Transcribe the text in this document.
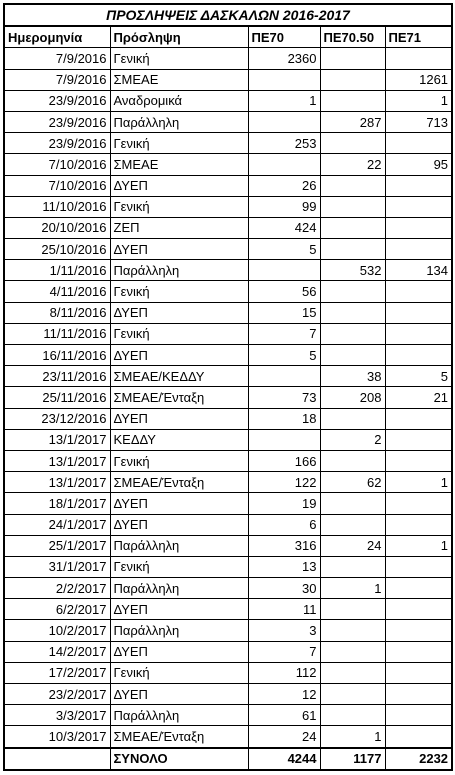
ΠΡΟΣΛΗΨΕΙΣ ΔΑΣΚΑΛΩΝ 2016-2017				
Ημερομηνία	Πρόσληψη	ΠΕ70	ΠΕ70.50	ΠΕ71
7/9/2016	Γενική	2360		
7/9/2016	ΣΜΕΑΕ			1261
23/9/2016	Αναδρομικά	1		1
23/9/2016	Παράλληλη		287	713
23/9/2016	Γενική	253		
7/10/2016	ΣΜΕΑΕ		22	95
7/10/2016	ΔΥΕΠ	26		
11/10/2016	Γενική	99		
20/10/2016	ΖΕΠ	424		
25/10/2016	ΔΥΕΠ	5		
1/11/2016	Παράλληλη		532	134
4/11/2016	Γενική	56		
8/11/2016	ΔΥΕΠ	15		
11/11/2016	Γενική	7		
16/11/2016	ΔΥΕΠ	5		
23/11/2016	ΣΜΕΑΕ/ΚΕΔΔΥ		38	5
25/11/2016	ΣΜΕΑΕ/Ένταξη	73	208	21
23/12/2016	ΔΥΕΠ	18		
13/1/2017	ΚΕΔΔΥ		2	
13/1/2017	Γενική	166		
13/1/2017	ΣΜΕΑΕ/Ένταξη	122	62	1
18/1/2017	ΔΥΕΠ	19		
24/1/2017	ΔΥΕΠ	6		
25/1/2017	Παράλληλη	316	24	1
31/1/2017	Γενική	13		
2/2/2017	Παράλληλη	30	1	
6/2/2017	ΔΥΕΠ	11		
10/2/2017	Παράλληλη	3		
14/2/2017	ΔΥΕΠ	7		
17/2/2017	Γενική	112		
23/2/2017	ΔΥΕΠ	12		
3/3/2017	Παράλληλη	61		
10/3/2017	ΣΜΕΑΕ/Ένταξη	24	1	
	ΣΥΝΟΛΟ	4244	1177	2232
